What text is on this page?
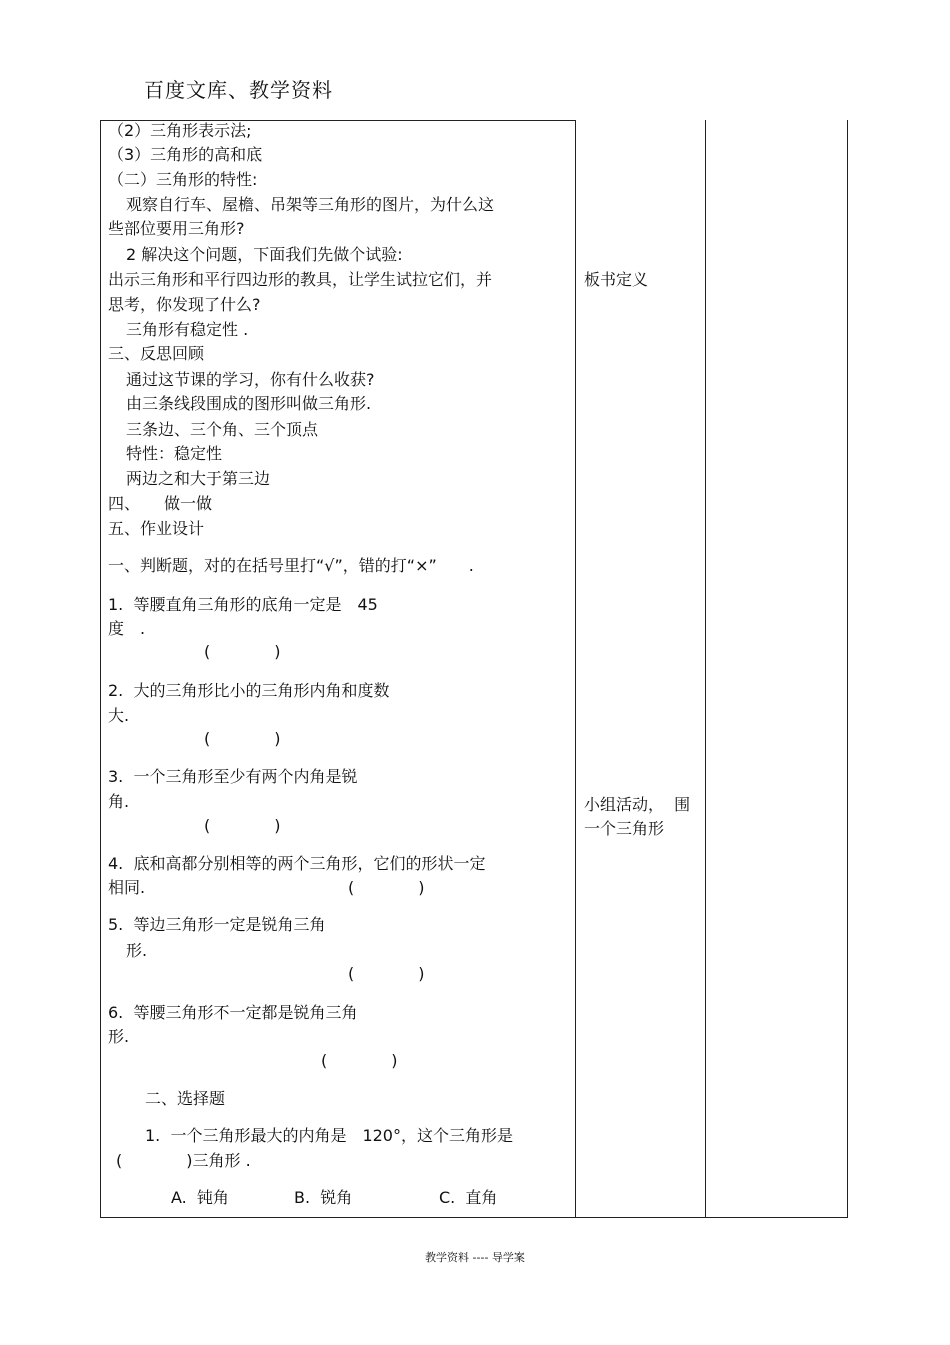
百度文库、教学资料
（2）三角形表示法;
（3）三角形的高和底
（二）三角形的特性:
观察自行车、屋檐、吊架等三角形的图片，为什么这
些部位要用三角形?
2 解决这个问题，下面我们先做个试验:
出示三角形和平行四边形的教具，让学生试拉它们，并
思考，你发现了什么?
三角形有稳定性 .
三、反思回顾
通过这节课的学习，你有什么收获?
由三条线段围成的图形叫做三角形.
三条边、三个角、三个顶点
特性：稳定性
两边之和大于第三边
四、　　做一做
五、作业设计
一、判断题，对的在括号里打“√”，错的打“×”　　.
1.  等腰直角三角形的底角一定是　45
度　.
(　　　　)
2.  大的三角形比小的三角形内角和度数
大.
(　　　　)
3.  一个三角形至少有两个内角是锐
角.
(　　　　)
4.  底和高都分别相等的两个三角形，它们的形状一定
相同.	(　　　　)
5.  等边三角形一定是锐角三角
形.
(　　　　)
6.  等腰三角形不一定都是锐角三角
形.
(　　　　)
二、选择题
1.  一个三角形最大的内角是　120°，这个三角形是
(　　　　)三角形 .
A.  钝角	B.  锐角	C.  直角
板书定义
小组活动，  围
一个三角形
教学资料 ---- 导学案
